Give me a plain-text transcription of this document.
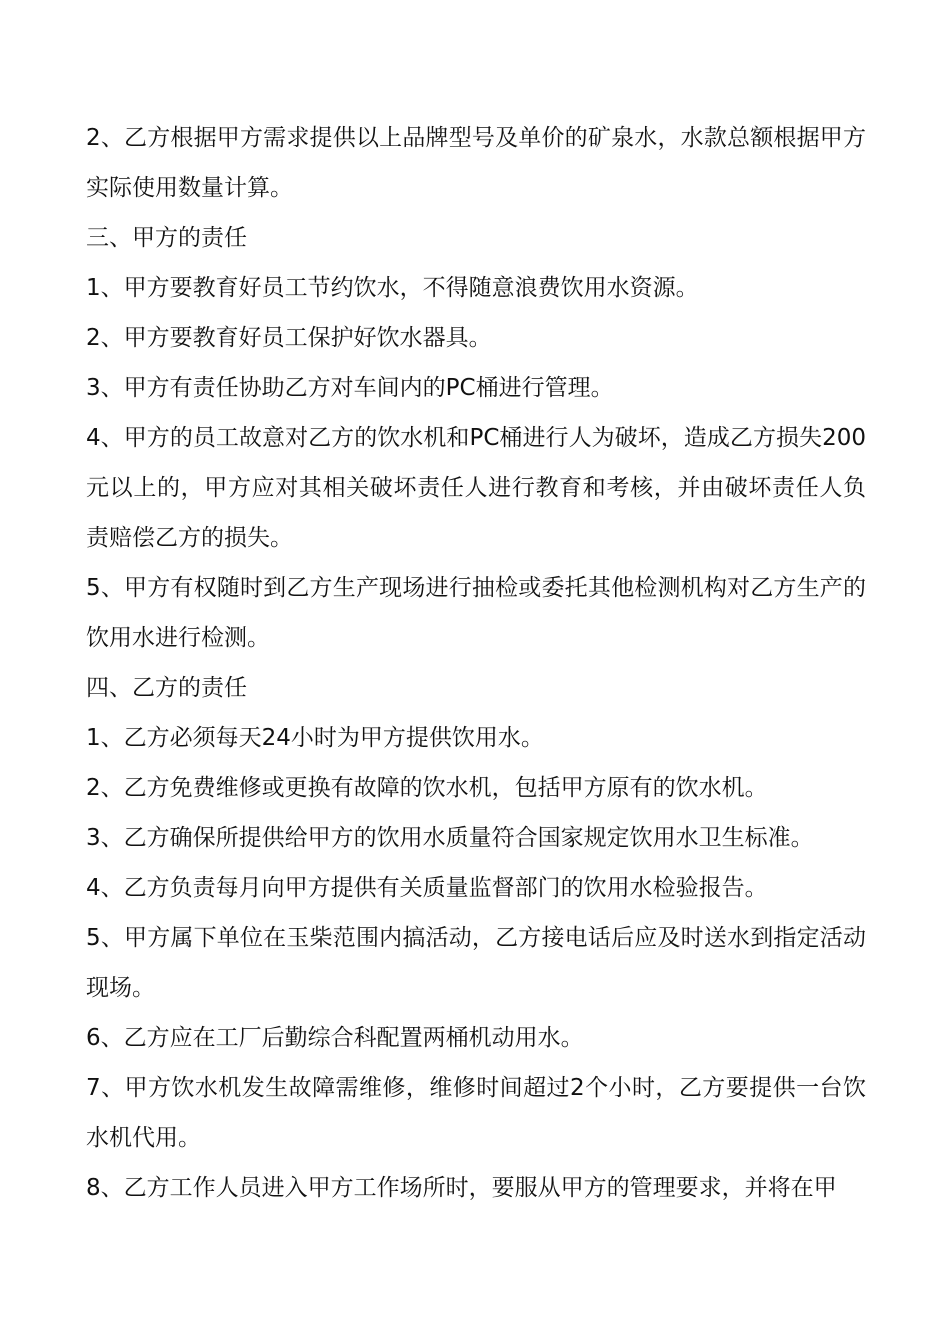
2、乙方根据甲方需求提供以上品牌型号及单价的矿泉水，水款总额根据甲方实际使用数量计算。

三、甲方的责任

1、甲方要教育好员工节约饮水，不得随意浪费饮用水资源。

2、甲方要教育好员工保护好饮水器具。

3、甲方有责任协助乙方对车间内的PC桶进行管理。

4、甲方的员工故意对乙方的饮水机和PC桶进行人为破坏，造成乙方损失200元以上的，甲方应对其相关破坏责任人进行教育和考核，并由破坏责任人负责赔偿乙方的损失。

5、甲方有权随时到乙方生产现场进行抽检或委托其他检测机构对乙方生产的饮用水进行检测。

四、乙方的责任

1、乙方必须每天24小时为甲方提供饮用水。

2、乙方免费维修或更换有故障的饮水机，包括甲方原有的饮水机。

3、乙方确保所提供给甲方的饮用水质量符合国家规定饮用水卫生标准。

4、乙方负责每月向甲方提供有关质量监督部门的饮用水检验报告。

5、甲方属下单位在玉柴范围内搞活动，乙方接电话后应及时送水到指定活动现场。

6、乙方应在工厂后勤综合科配置两桶机动用水。

7、甲方饮水机发生故障需维修，维修时间超过2个小时，乙方要提供一台饮水机代用。

8、乙方工作人员进入甲方工作场所时，要服从甲方的管理要求，并将在甲
